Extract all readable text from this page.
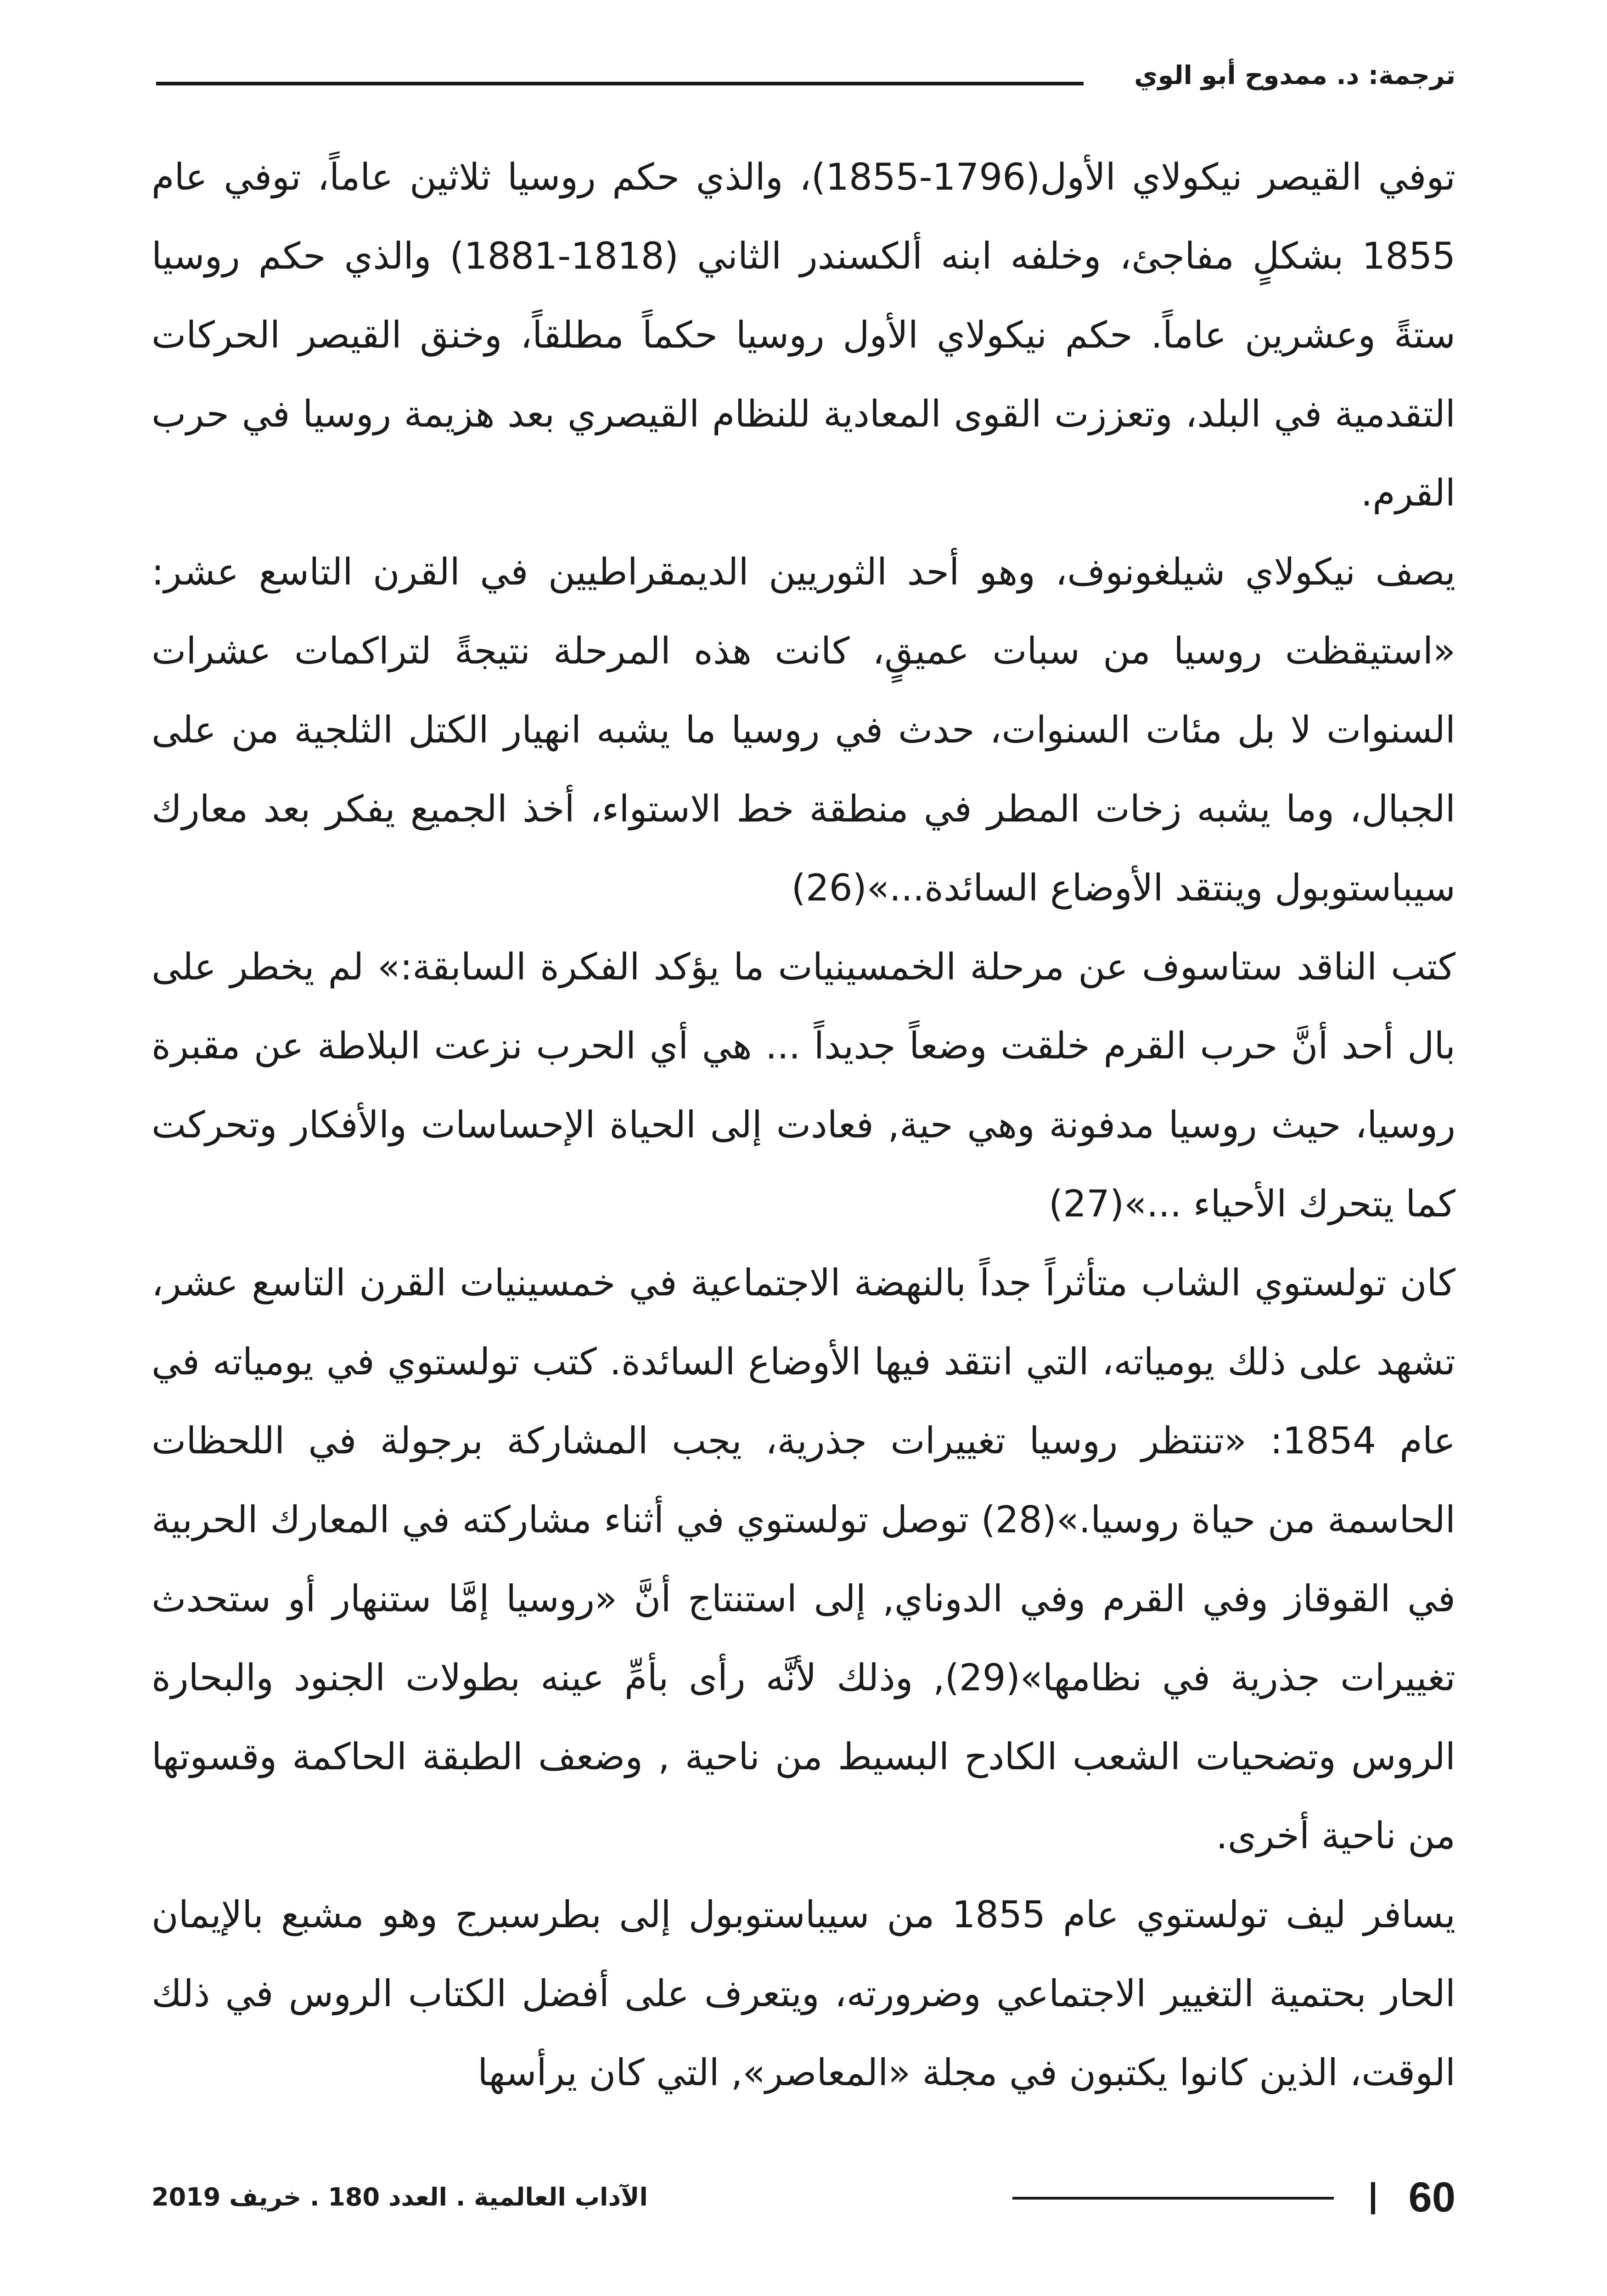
ترجمة: د. ممدوح أبو الوي

توفي القيصر نيكولاي الأول(1796-1855)، والذي حكم روسيا ثلاثين عاماً، توفي عام 1855 بشكلٍ مفاجئ، وخلفه ابنه ألكسندر الثاني (1818-1881) والذي حكم روسيا ستةً وعشرين عاماً. حكم نيكولاي الأول روسيا حكماً مطلقاً، وخنق القيصر الحركات التقدمية في البلد، وتعززت القوى المعادية للنظام القيصري بعد هزيمة روسيا في حرب القرم.

يصف نيكولاي شيلغونوف، وهو أحد الثوريين الديمقراطيين في القرن التاسع عشر: «استيقظت روسيا من سبات عميقٍ، كانت هذه المرحلة نتيجةً لتراكمات عشرات السنوات لا بل مئات السنوات، حدث في روسيا ما يشبه انهيار الكتل الثلجية من على الجبال، وما يشبه زخات المطر في منطقة خط الاستواء، أخذ الجميع يفكر بعد معارك سيباستوبول وينتقد الأوضاع السائدة...»(26)

كتب الناقد ستاسوف عن مرحلة الخمسينيات ما يؤكد الفكرة السابقة:» لم يخطر على بال أحد أنَّ حرب القرم خلقت وضعاً جديداً ... هي أي الحرب نزعت البلاطة عن مقبرة روسيا، حيث روسيا مدفونة وهي حية, فعادت إلى الحياة الإحساسات والأفكار وتحركت كما يتحرك الأحياء ...»(27)

كان تولستوي الشاب متأثراً جداً بالنهضة الاجتماعية في خمسينيات القرن التاسع عشر، تشهد على ذلك يومياته، التي انتقد فيها الأوضاع السائدة. كتب تولستوي في يومياته في عام 1854: «تنتظر روسيا تغييرات جذرية، يجب المشاركة برجولة في اللحظات الحاسمة من حياة روسيا.»(28) توصل تولستوي في أثناء مشاركته في المعارك الحربية في القوقاز وفي القرم وفي الدوناي, إلى استنتاج أنَّ «روسيا إمَّا ستنهار أو ستحدث تغييرات جذرية في نظامها»(29), وذلك لأنَّه رأى بأمِّ عينه بطولات الجنود والبحارة الروس وتضحيات الشعب الكادح البسيط من ناحية , وضعف الطبقة الحاكمة وقسوتها من ناحية أخرى.

يسافر ليف تولستوي عام 1855 من سيباستوبول إلى بطرسبرج وهو مشبع بالإيمان الحار بحتمية التغيير الاجتماعي وضرورته، ويتعرف على أفضل الكتاب الروس في ذلك الوقت، الذين كانوا يكتبون في مجلة «المعاصر», التي كان يرأسها

60
الآداب العالمية . العدد 180 . خريف 2019
